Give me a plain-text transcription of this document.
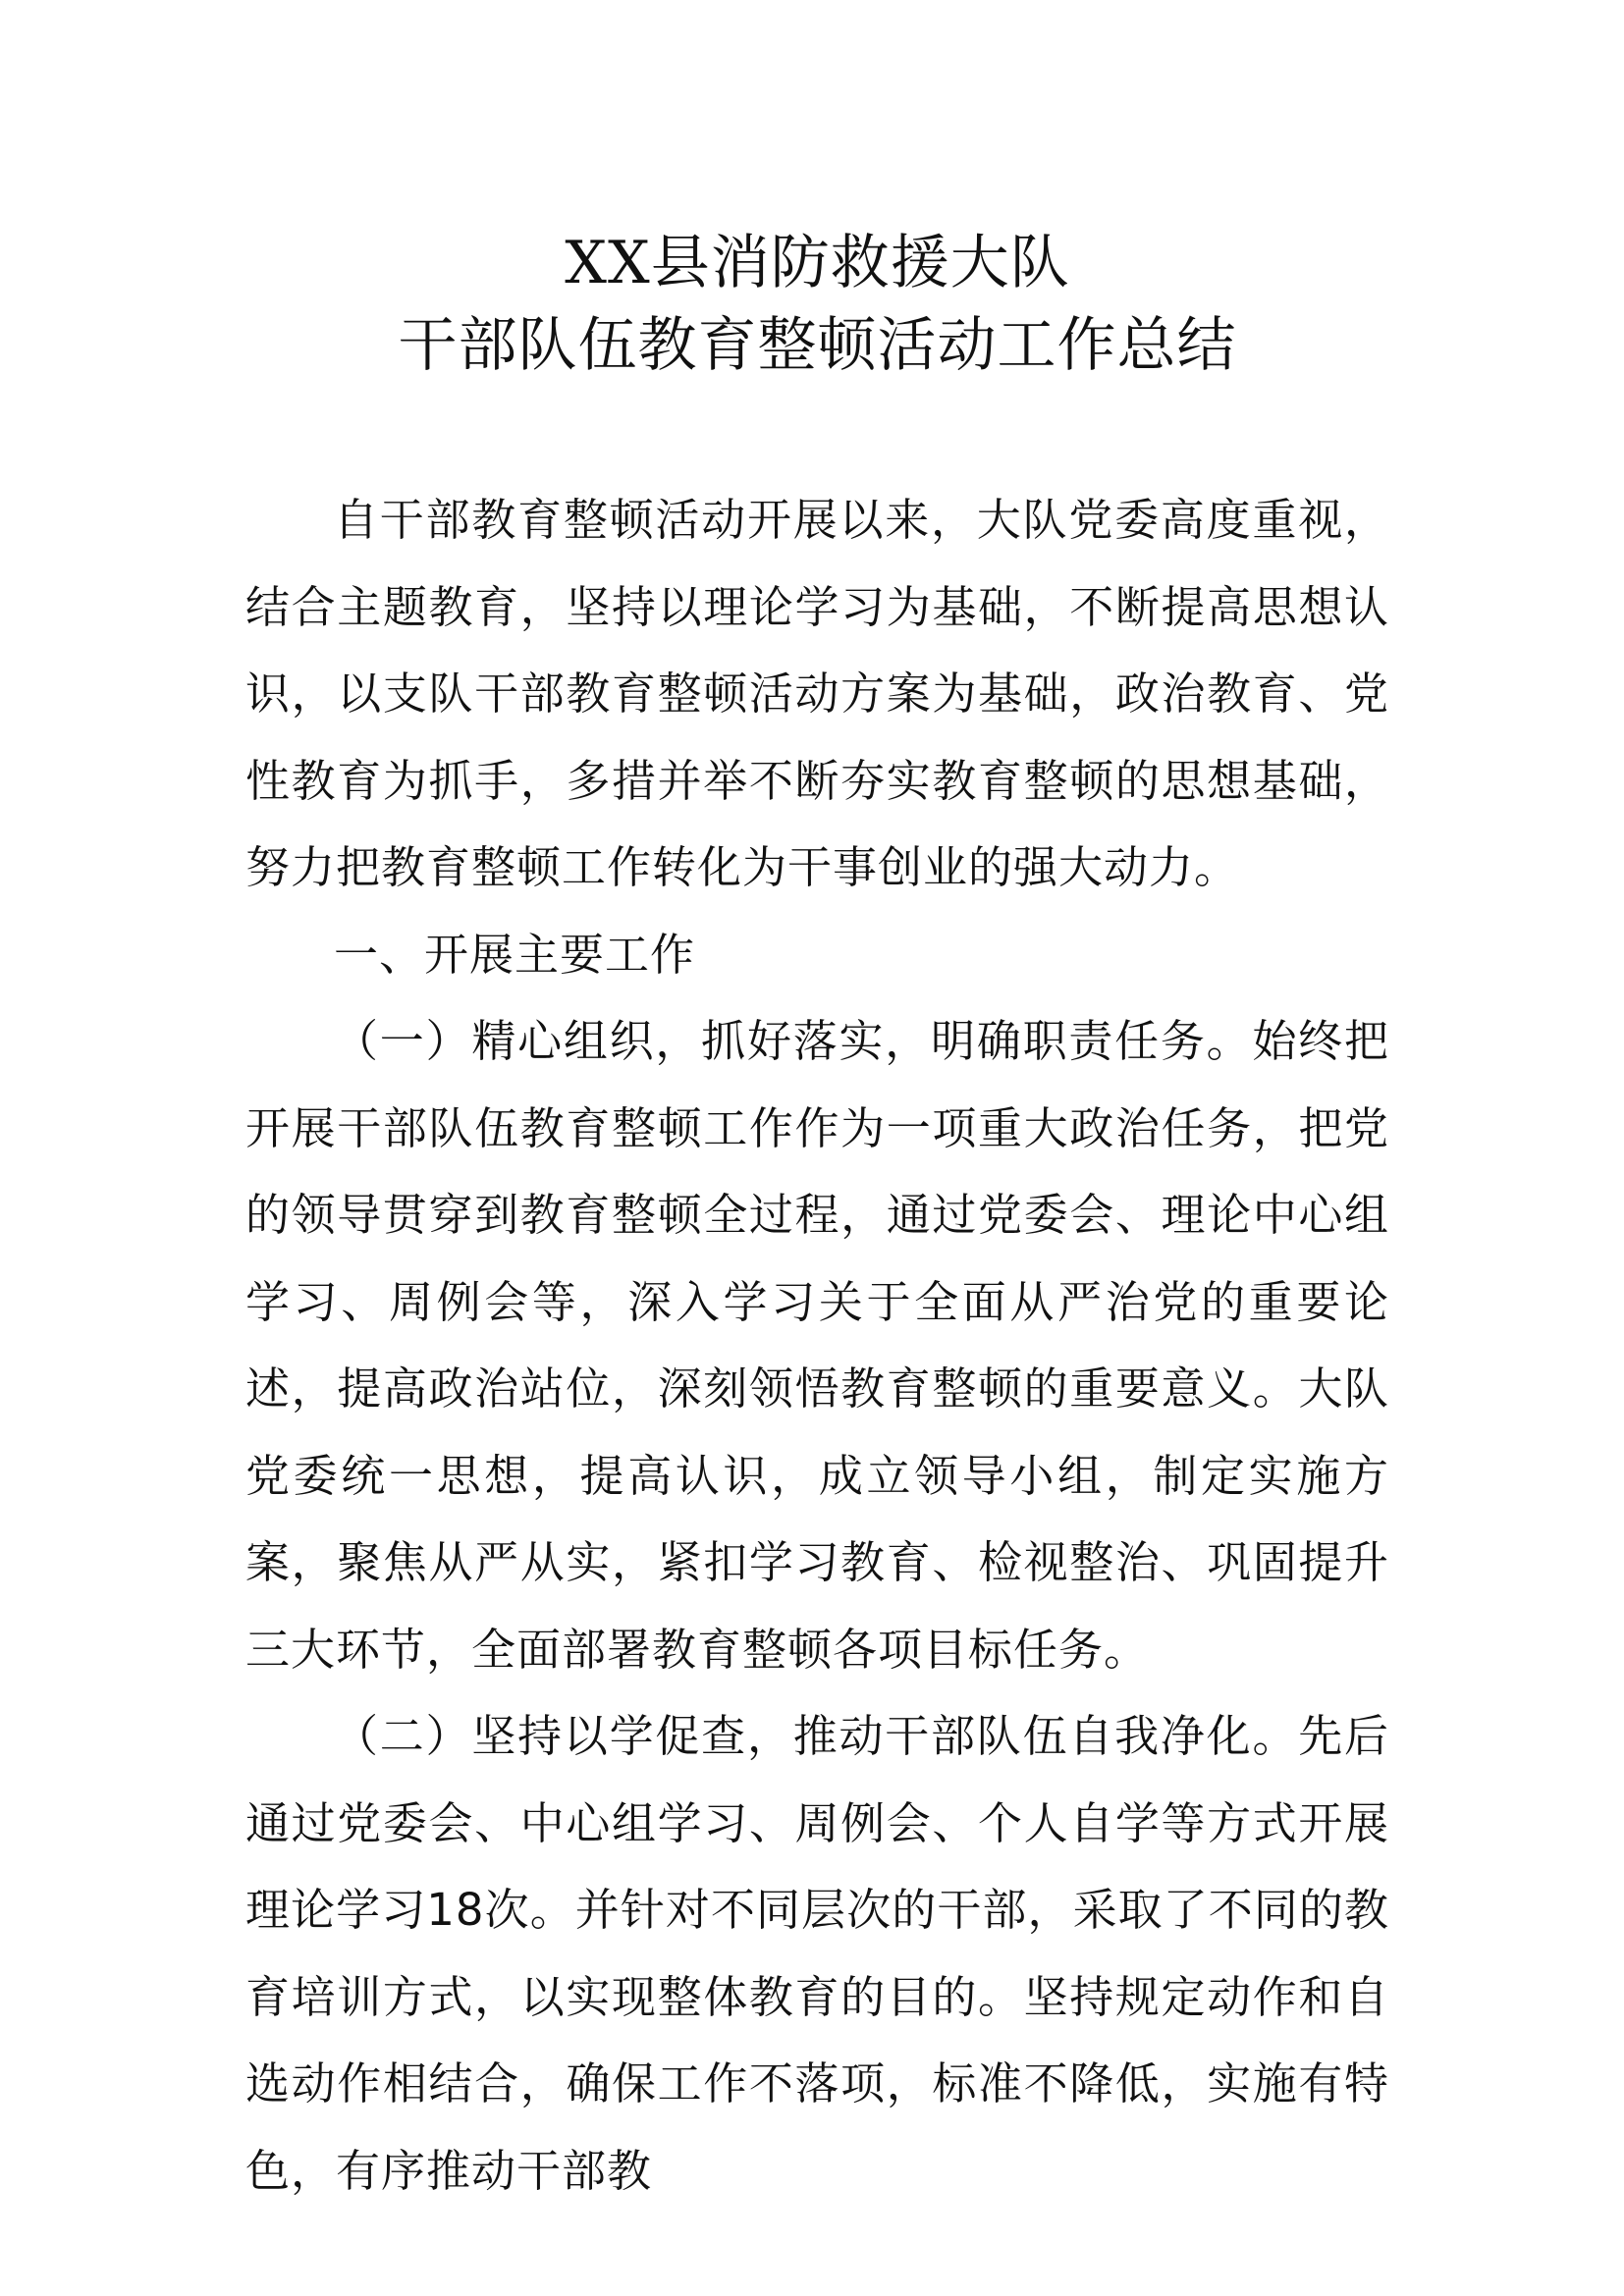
XX县消防救援大队
干部队伍教育整顿活动工作总结

自干部教育整顿活动开展以来，大队党委高度重视，结合主题教育，坚持以理论学习为基础，不断提高思想认识，以支队干部教育整顿活动方案为基础，政治教育、党性教育为抓手，多措并举不断夯实教育整顿的思想基础，努力把教育整顿工作转化为干事创业的强大动力。

一、开展主要工作

（一）精心组织，抓好落实，明确职责任务。始终把开展干部队伍教育整顿工作作为一项重大政治任务，把党的领导贯穿到教育整顿全过程，通过党委会、理论中心组学习、周例会等，深入学习关于全面从严治党的重要论述，提高政治站位，深刻领悟教育整顿的重要意义。大队党委统一思想，提高认识，成立领导小组，制定实施方案，聚焦从严从实，紧扣学习教育、检视整治、巩固提升三大环节，全面部署教育整顿各项目标任务。

（二）坚持以学促查，推动干部队伍自我净化。先后通过党委会、中心组学习、周例会、个人自学等方式开展理论学习18次。并针对不同层次的干部，采取了不同的教育培训方式，以实现整体教育的目的。坚持规定动作和自选动作相结合，确保工作不落项，标准不降低，实施有特色，有序推动干部教
